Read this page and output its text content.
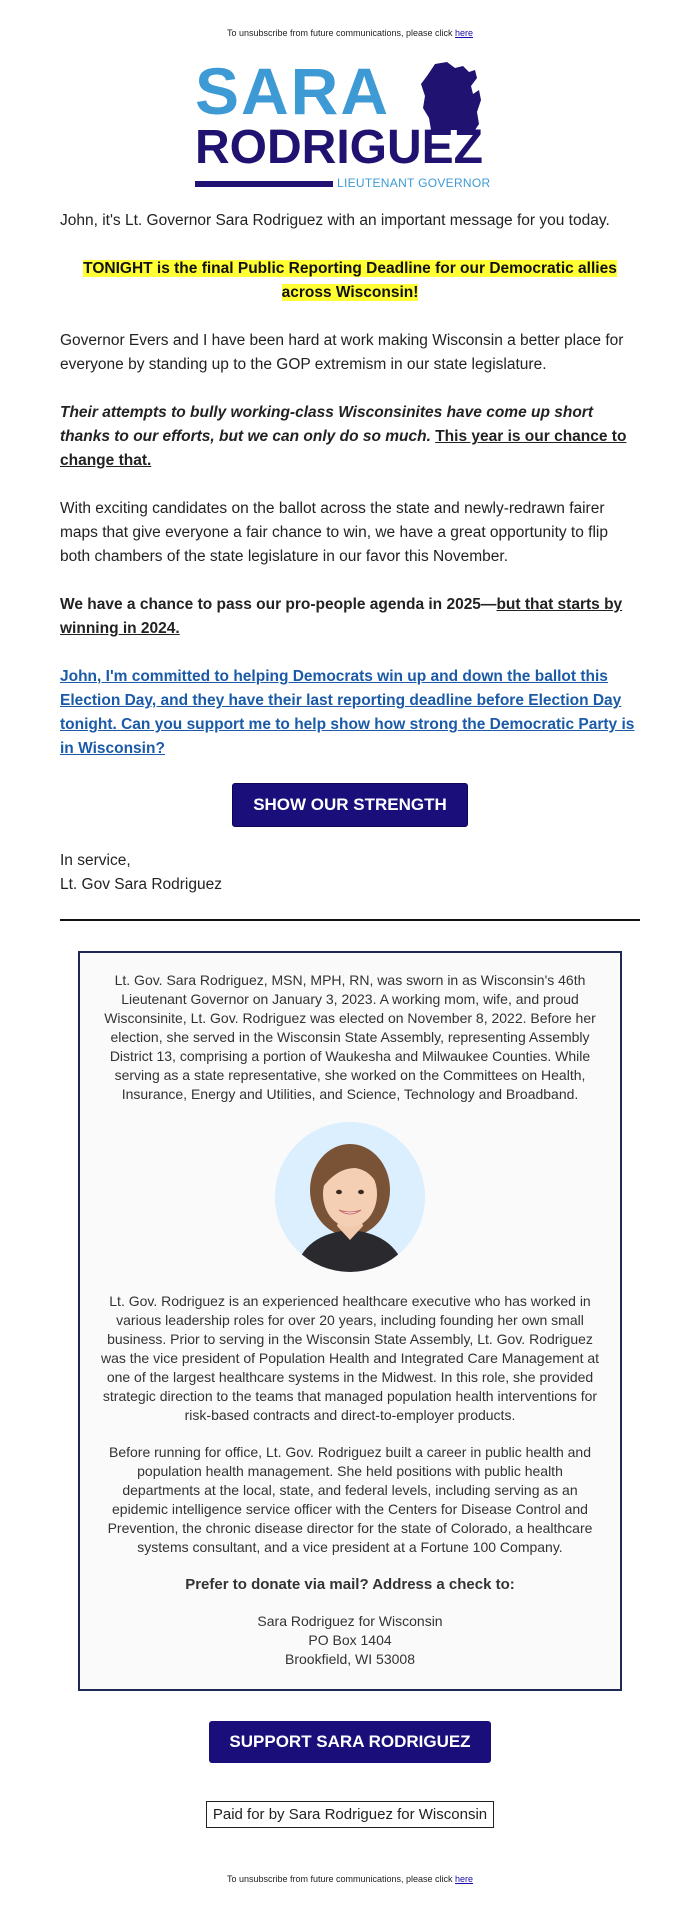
To unsubscribe from future communications, please click here
SARA
RODRIGUEZ
LIEUTENANT GOVERNOR

John, it's Lt. Governor Sara Rodriguez with an important message for you today.

TONIGHT is the final Public Reporting Deadline for our Democratic allies across Wisconsin!

Governor Evers and I have been hard at work making Wisconsin a better place for everyone by standing up to the GOP extremism in our state legislature.

Their attempts to bully working-class Wisconsinites have come up short thanks to our efforts, but we can only do so much. This year is our chance to change that.

With exciting candidates on the ballot across the state and newly-redrawn fairer maps that give everyone a fair chance to win, we have a great opportunity to flip both chambers of the state legislature in our favor this November.

We have a chance to pass our pro-people agenda in 2025—but that starts by winning in 2024.

John, I'm committed to helping Democrats win up and down the ballot this Election Day, and they have their last reporting deadline before Election Day tonight. Can you support me to help show how strong the Democratic Party is in Wisconsin?

SHOW OUR STRENGTH

In service,
Lt. Gov Sara Rodriguez

Lt. Gov. Sara Rodriguez, MSN, MPH, RN, was sworn in as Wisconsin's 46th Lieutenant Governor on January 3, 2023. A working mom, wife, and proud Wisconsinite, Lt. Gov. Rodriguez was elected on November 8, 2022. Before her election, she served in the Wisconsin State Assembly, representing Assembly District 13, comprising a portion of Waukesha and Milwaukee Counties. While serving as a state representative, she worked on the Committees on Health, Insurance, Energy and Utilities, and Science, Technology and Broadband.

Lt. Gov. Rodriguez is an experienced healthcare executive who has worked in various leadership roles for over 20 years, including founding her own small business. Prior to serving in the Wisconsin State Assembly, Lt. Gov. Rodriguez was the vice president of Population Health and Integrated Care Management at one of the largest healthcare systems in the Midwest. In this role, she provided strategic direction to the teams that managed population health interventions for risk-based contracts and direct-to-employer products.

Before running for office, Lt. Gov. Rodriguez built a career in public health and population health management. She held positions with public health departments at the local, state, and federal levels, including serving as an epidemic intelligence service officer with the Centers for Disease Control and Prevention, the chronic disease director for the state of Colorado, a healthcare systems consultant, and a vice president at a Fortune 100 Company.

Prefer to donate via mail? Address a check to:

Sara Rodriguez for Wisconsin
PO Box 1404
Brookfield, WI 53008

SUPPORT SARA RODRIGUEZ
Paid for by Sara Rodriguez for Wisconsin
To unsubscribe from future communications, please click here
